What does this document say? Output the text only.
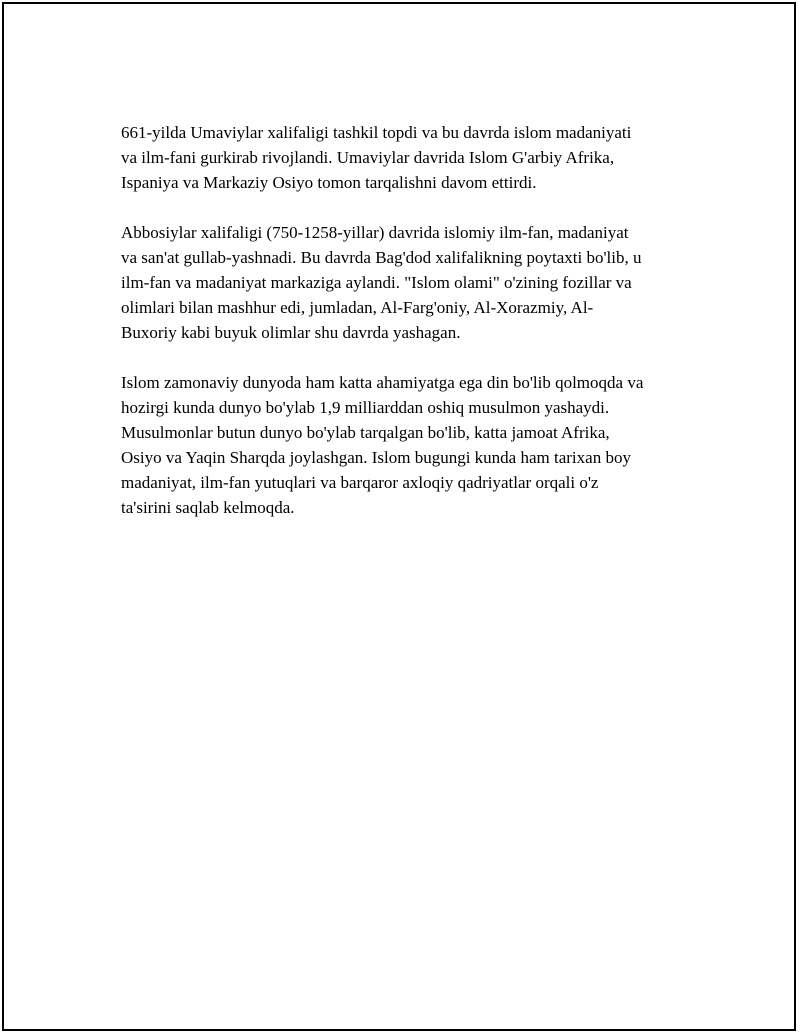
661-yilda Umaviylar xalifaligi tashkil topdi va bu davrda islom madaniyati
va ilm-fani gurkirab rivojlandi. Umaviylar davrida Islom G'arbiy Afrika,
Ispaniya va Markaziy Osiyo tomon tarqalishni davom ettirdi.

Abbosiylar xalifaligi (750-1258-yillar) davrida islomiy ilm-fan, madaniyat
va san'at gullab-yashnadi. Bu davrda Bag'dod xalifalikning poytaxti bo'lib, u
ilm-fan va madaniyat markaziga aylandi. "Islom olami" o'zining fozillar va
olimlari bilan mashhur edi, jumladan, Al-Farg'oniy, Al-Xorazmiy, Al-
Buxoriy kabi buyuk olimlar shu davrda yashagan.

Islom zamonaviy dunyoda ham katta ahamiyatga ega din bo'lib qolmoqda va
hozirgi kunda dunyo bo'ylab 1,9 milliarddan oshiq musulmon yashaydi.
Musulmonlar butun dunyo bo'ylab tarqalgan bo'lib, katta jamoat Afrika,
Osiyo va Yaqin Sharqda joylashgan. Islom bugungi kunda ham tarixan boy
madaniyat, ilm-fan yutuqlari va barqaror axloqiy qadriyatlar orqali o'z
ta'sirini saqlab kelmoqda.
